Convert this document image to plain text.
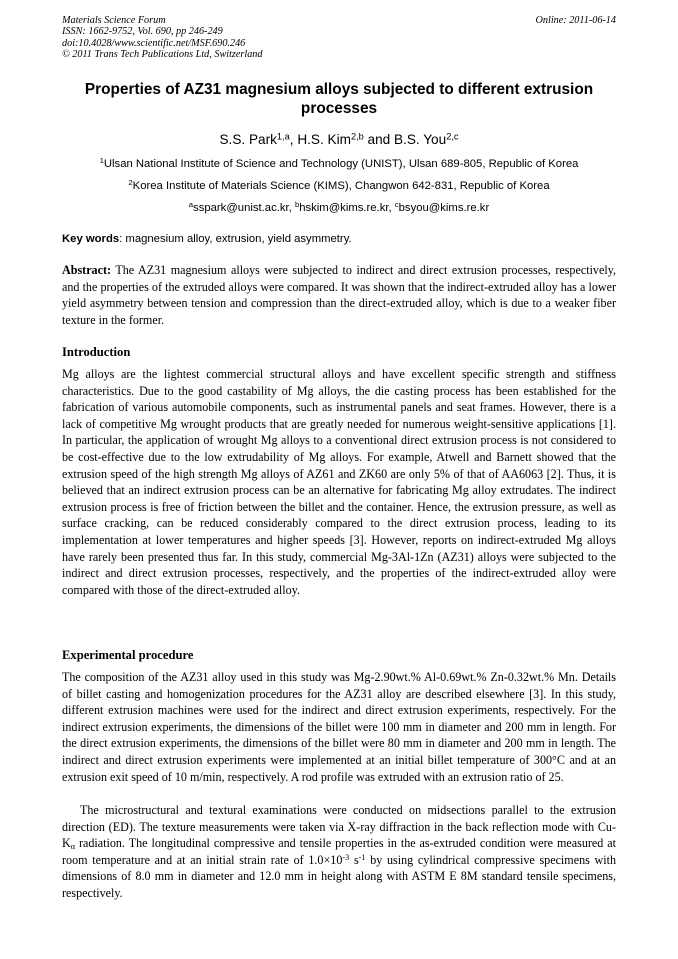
Materials Science Forum
ISSN: 1662-9752, Vol. 690, pp 246-249
doi:10.4028/www.scientific.net/MSF.690.246
© 2011 Trans Tech Publications Ltd, Switzerland
Online: 2011-06-14
Properties of AZ31 magnesium alloys subjected to different extrusion processes
S.S. Park$^{1,a}$, H.S. Kim$^{2,b}$ and B.S. You$^{2,c}$
$^1$Ulsan National Institute of Science and Technology (UNIST), Ulsan 689-805, Republic of Korea
$^2$Korea Institute of Materials Science (KIMS), Changwon 642-831, Republic of Korea
$^a$sspark@unist.ac.kr, $^b$hskim@kims.re.kr, $^c$bsyou@kims.re.kr
Key words: magnesium alloy, extrusion, yield asymmetry.

Abstract: The AZ31 magnesium alloys were subjected to indirect and direct extrusion processes, respectively, and the properties of the extruded alloys were compared. It was shown that the indirect-extruded alloy has a lower yield asymmetry between tension and compression than the direct-extruded alloy, which is due to a weaker fiber texture in the former.

Introduction

Mg alloys are the lightest commercial structural alloys and have excellent specific strength and stiffness characteristics. Due to the good castability of Mg alloys, the die casting process has been established for the fabrication of various automobile components, such as instrumental panels and seat frames. However, there is a lack of competitive Mg wrought products that are greatly needed for numerous weight-sensitive applications [1]. In particular, the application of wrought Mg alloys to a conventional direct extrusion process is not considered to be cost-effective due to the low extrudability of Mg alloys. For example, Atwell and Barnett showed that the extrusion speed of the high strength Mg alloys of AZ61 and ZK60 are only 5% of that of AA6063 [2]. Thus, it is believed that an indirect extrusion process can be an alternative for fabricating Mg alloy extrudates. The indirect extrusion process is free of friction between the billet and the container. Hence, the extrusion pressure, as well as surface cracking, can be reduced considerably compared to the direct extrusion process, leading to its implementation at lower temperatures and higher speeds [3]. However, reports on indirect-extruded Mg alloys have rarely been presented thus far. In this study, commercial Mg-3Al-1Zn (AZ31) alloys were subjected to the indirect and direct extrusion processes, respectively, and the properties of the indirect-extruded alloy were compared with those of the direct-extruded alloy.

Experimental procedure

The composition of the AZ31 alloy used in this study was Mg-2.90wt.% Al-0.69wt.% Zn-0.32wt.% Mn. Details of billet casting and homogenization procedures for the AZ31 alloy are described elsewhere [3]. In this study, different extrusion machines were used for the indirect and direct extrusion experiments, respectively. For the indirect extrusion experiments, the dimensions of the billet were 100 mm in diameter and 200 mm in length. For the direct extrusion experiments, the dimensions of the billet were 80 mm in diameter and 200 mm in length. The indirect and direct extrusion experiments were implemented at an initial billet temperature of 300°C and at an extrusion exit speed of 10 m/min, respectively. A rod profile was extruded with an extrusion ratio of 25.

The microstructural and textural examinations were conducted on midsections parallel to the extrusion direction (ED). The texture measurements were taken via X-ray diffraction in the back reflection mode with $Cu-K_\alpha$ radiation. The longitudinal compressive and tensile properties in the as-extruded condition were measured at room temperature and at an initial strain rate of $1.0\times 10^{-3}$ $s^{-1}$ by using cylindrical compressive specimens with dimensions of 8.0 mm in diameter and 12.0 mm in height along with ASTM E 8M standard tensile specimens, respectively.
